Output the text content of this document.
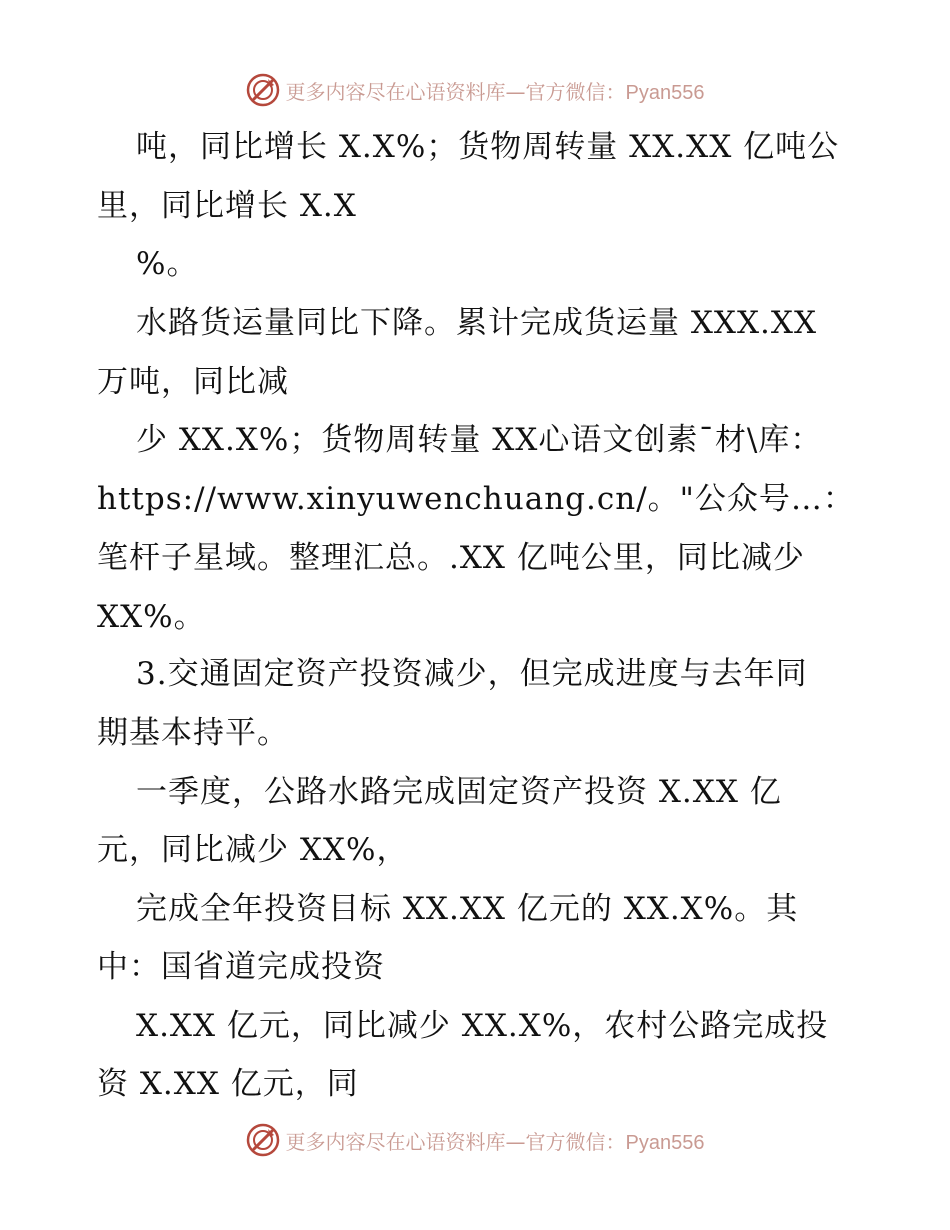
更多内容尽在心语资料库—官方微信：Pyan556
吨，同比增长 X.X%；货物周转量 XX.XX 亿吨公
里，同比增长 X.X
%。
水路货运量同比下降。累计完成货运量 XXX.XX
万吨，同比减
少 XX.X%；货物周转量 XX心语文创素¯材\库：
https://www.xinyuwenchuang.cn/。"公众号…：
笔杆子星域。整理汇总。.XX 亿吨公里，同比减少
XX%。
3.交通固定资产投资减少，但完成进度与去年同
期基本持平。
一季度，公路水路完成固定资产投资 X.XX 亿
元，同比减少 XX%，
完成全年投资目标 XX.XX 亿元的 XX.X%。其
中：国省道完成投资
X.XX 亿元，同比减少 XX.X%，农村公路完成投
资 X.XX 亿元，同
更多内容尽在心语资料库—官方微信：Pyan556
